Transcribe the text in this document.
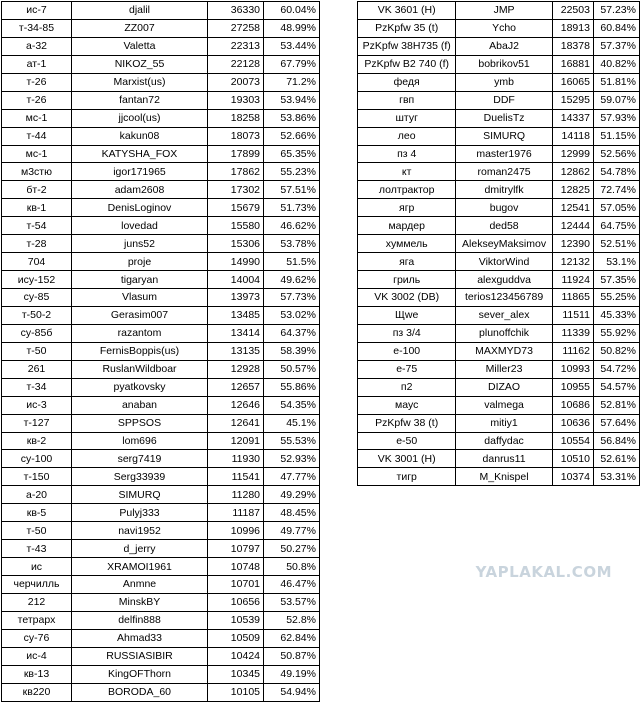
ис-7	djalil	36330	60.04%
т-34-85	ZZ007	27258	48.99%
а-32	Valetta	22313	53.44%
ат-1	NIKOZ_55	22128	67.79%
т-26	Marxist(us)	20073	71.2%
т-26	fantan72	19303	53.94%
мс-1	jjcool(us)	18258	53.86%
т-44	kakun08	18073	52.66%
мс-1	KATYSHA_FOX	17899	65.35%
м3стю	igor171965	17862	55.23%
бт-2	adam2608	17302	57.51%
кв-1	DenisLoginov	15679	51.73%
т-54	lovedad	15580	46.62%
т-28	juns52	15306	53.78%
704	proje	14990	51.5%
ису-152	tigaryan	14004	49.62%
су-85	Vlasum	13973	57.73%
т-50-2	Gerasim007	13485	53.02%
су-85б	razantom	13414	64.37%
т-50	FernisBoppis(us)	13135	58.39%
261	RuslanWildboar	12928	50.57%
т-34	pyatkovsky	12657	55.86%
ис-3	anaban	12646	54.35%
т-127	SPPSOS	12641	45.1%
кв-2	lom696	12091	55.53%
су-100	serg7419	11930	52.93%
т-150	Serg33939	11541	47.77%
а-20	SIMURQ	11280	49.29%
кв-5	Pulyj333	11187	48.45%
т-50	navi1952	10996	49.77%
т-43	d_jerry	10797	50.27%
ис	XRAMOI1961	10748	50.8%
черчилль	Anmne	10701	46.47%
212	MinskBY	10656	53.57%
тетрарх	delfin888	10539	52.8%
су-76	Ahmad33	10509	62.84%
ис-4	RUSSIASIBIR	10424	50.87%
кв-13	KingOFThorn	10345	49.19%
кв220	BORODA_60	10105	54.94%
VK 3601 (H)	JMP	22503	57.23%
PzKpfw 35 (t)	Ycho	18913	60.84%
PzKpfw 38H735 (f)	AbaJ2	18378	57.37%
PzKpfw B2 740 (f)	bobrikov51	16881	40.82%
федя	ymb	16065	51.81%
гвп	DDF	15295	59.07%
штуг	DuelisTz	14337	57.93%
лео	SIMURQ	14118	51.15%
пз 4	master1976	12999	52.56%
кт	roman2475	12862	54.78%
лолтрактор	dmitrylfk	12825	72.74%
ягр	bugov	12541	57.05%
мардер	ded58	12444	64.75%
хуммель	AlekseyMaksimov	12390	52.51%
яга	ViktorWind	12132	53.1%
гриль	alexguddva	11924	57.35%
VK 3002 (DB)	terios123456789	11865	55.25%
Щwe	sever_alex	11511	45.33%
пз 3/4	plunoffchik	11339	55.92%
е-100	MAXMYD73	11162	50.82%
е-75	Miller23	10993	54.72%
п2	DIZAO	10955	54.57%
маус	valmega	10686	52.81%
PzKpfw 38 (t)	mitiy1	10636	57.64%
е-50	daffydac	10554	56.84%
VK 3001 (H)	danrus11	10510	52.61%
тигр	M_Knispel	10374	53.31%
YAPLAKAL.COM
